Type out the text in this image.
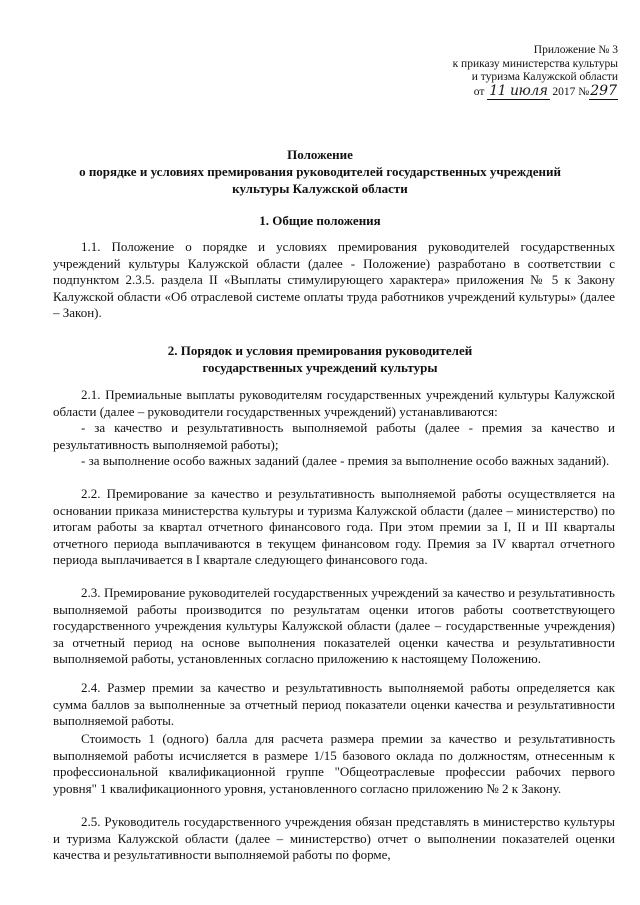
Приложение № 3
к приказу министерства культуры
и туризма Калужской области
от 11 июля 2017 №297
Положение
о порядке и условиях премирования руководителей государственных учреждений
культуры Калужской области
1. Общие положения
1.1. Положение о порядке и условиях премирования руководителей государственных учреждений культуры Калужской области (далее - Положение) разработано в соответствии с подпунктом 2.3.5. раздела II «Выплаты стимулирующего характера» приложения № 5 к Закону Калужской области «Об отраслевой системе оплаты труда работников учреждений культуры» (далее – Закон).
2. Порядок и условия премирования руководителей
государственных учреждений культуры
2.1. Премиальные выплаты руководителям государственных учреждений культуры Калужской области (далее – руководители государственных учреждений) устанавливаются:
- за качество и результативность выполняемой работы (далее - премия за качество и результативность выполняемой работы);
- за выполнение особо важных заданий (далее - премия за выполнение особо важных заданий).
2.2. Премирование за качество и результативность выполняемой работы осуществляется на основании приказа министерства культуры и туризма Калужской области (далее – министерство) по итогам работы за квартал отчетного финансового года. При этом премии за I, II и III кварталы отчетного периода выплачиваются в текущем финансовом году. Премия за IV квартал отчетного периода выплачивается в I квартале следующего финансового года.
2.3. Премирование руководителей государственных учреждений за качество и результативность выполняемой работы производится по результатам оценки итогов работы соответствующего государственного учреждения культуры Калужской области (далее – государственные учреждения) за отчетный период на основе выполнения показателей оценки качества и результативности выполняемой работы, установленных согласно приложению к настоящему Положению.
2.4. Размер премии за качество и результативность выполняемой работы определяется как сумма баллов за выполненные за отчетный период показатели оценки качества и результативности выполняемой работы.
Стоимость 1 (одного) балла для расчета размера премии за качество и результативность выполняемой работы исчисляется в размере 1/15 базового оклада по должностям, отнесенным к профессиональной квалификационной группе "Общеотраслевые профессии рабочих первого уровня" 1 квалификационного уровня, установленного согласно приложению № 2 к Закону.
2.5. Руководитель государственного учреждения обязан представлять в министерство культуры и туризма Калужской области (далее – министерство) отчет о выполнении показателей оценки качества и результативности выполняемой работы по форме,
